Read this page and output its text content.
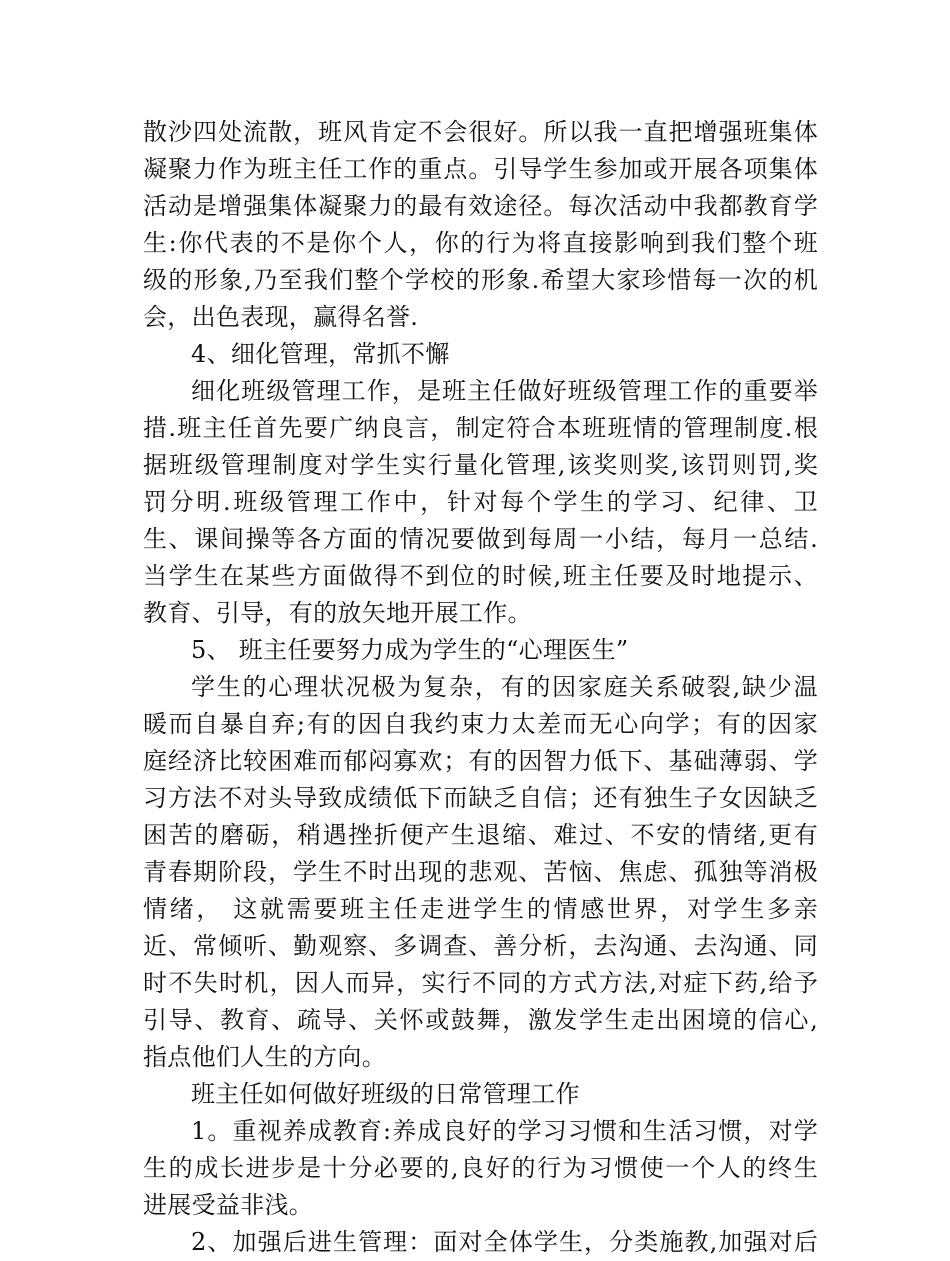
散沙四处流散，班风肯定不会很好。所以我一直把增强班集体
凝聚力作为班主任工作的重点。引导学生参加或开展各项集体
活动是增强集体凝聚力的最有效途径。每次活动中我都教育学
生:你代表的不是你个人，你的行为将直接影响到我们整个班
级的形象,乃至我们整个学校的形象.希望大家珍惜每一次的机
会，出色表现，赢得名誉.
4、细化管理，常抓不懈
细化班级管理工作，是班主任做好班级管理工作的重要举
措.班主任首先要广纳良言，制定符合本班班情的管理制度.根
据班级管理制度对学生实行量化管理,该奖则奖,该罚则罚,奖
罚分明.班级管理工作中，针对每个学生的学习、纪律、卫
生、课间操等各方面的情况要做到每周一小结，每月一总结.
当学生在某些方面做得不到位的时候,班主任要及时地提示、
教育、引导，有的放矢地开展工作。
5、 班主任要努力成为学生的“心理医生”
学生的心理状况极为复杂，有的因家庭关系破裂,缺少温
暖而自暴自弃;有的因自我约束力太差而无心向学；有的因家
庭经济比较困难而郁闷寡欢；有的因智力低下、基础薄弱、学
习方法不对头导致成绩低下而缺乏自信；还有独生子女因缺乏
困苦的磨砺，稍遇挫折便产生退缩、难过、不安的情绪,更有
青春期阶段，学生不时出现的悲观、苦恼、焦虑、孤独等消极
情绪， 这就需要班主任走进学生的情感世界，对学生多亲
近、常倾听、勤观察、多调查、善分析，去沟通、去沟通、同
时不失时机，因人而异，实行不同的方式方法,对症下药,给予
引导、教育、疏导、关怀或鼓舞，激发学生走出困境的信心,
指点他们人生的方向。
班主任如何做好班级的日常管理工作
1。重视养成教育:养成良好的学习习惯和生活习惯，对学
生的成长进步是十分必要的,良好的行为习惯使一个人的终生
进展受益非浅。
2、加强后进生管理：面对全体学生，分类施教,加强对后
